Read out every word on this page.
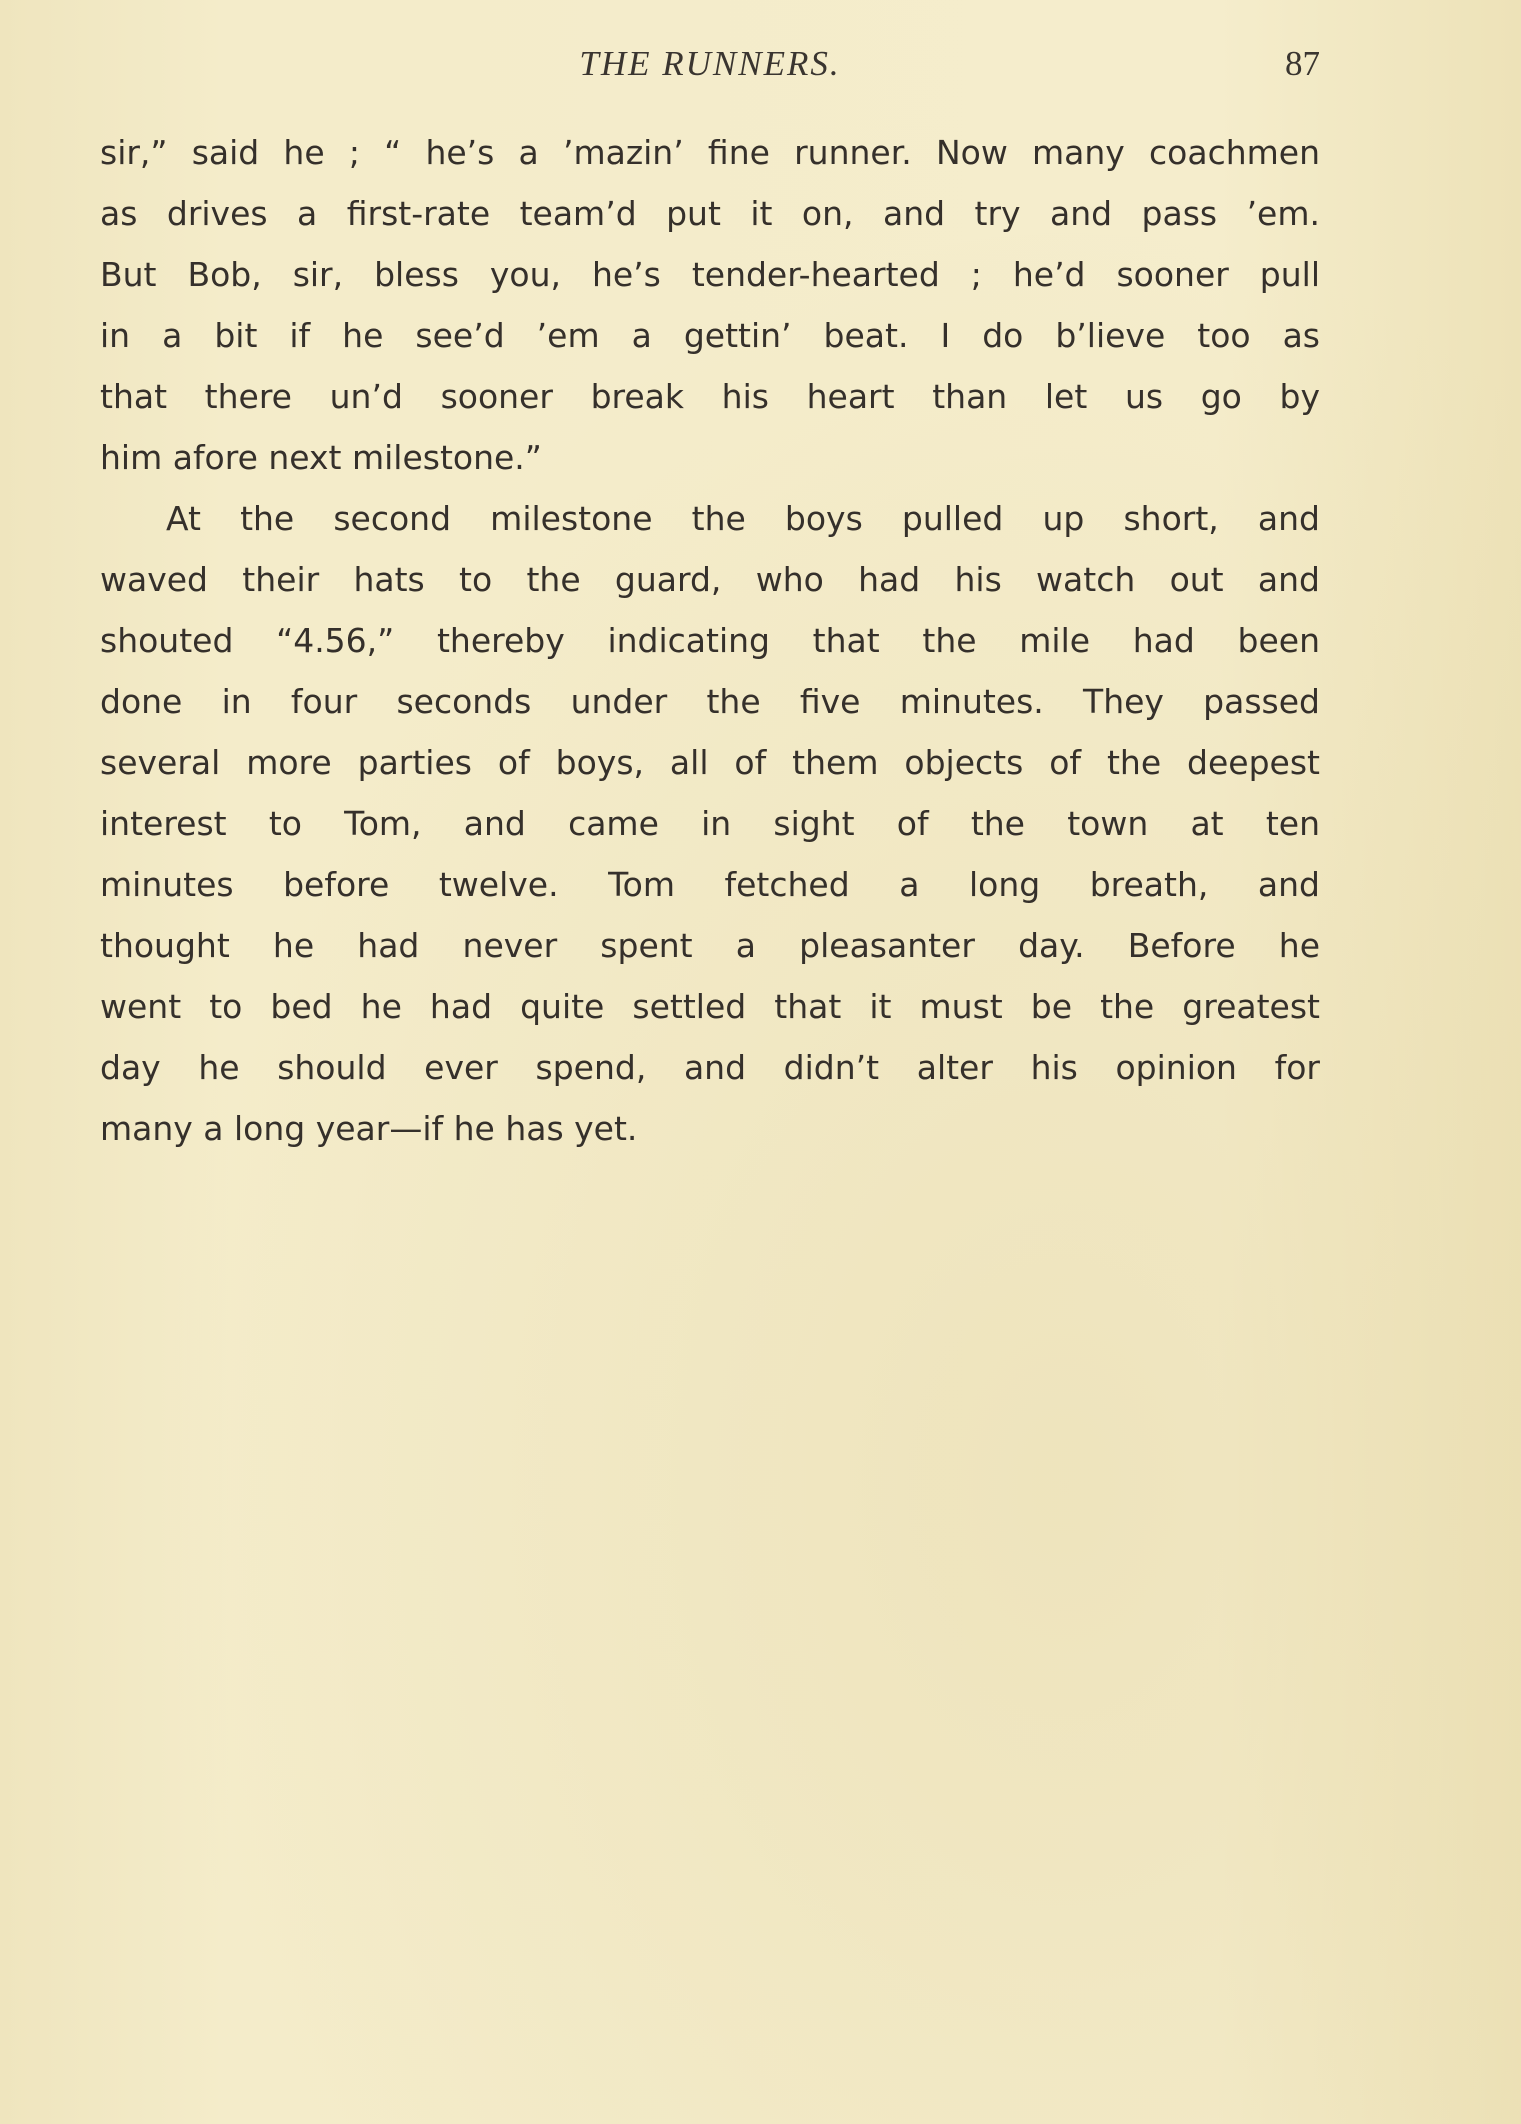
THE RUNNERS.	87
sir,” said he ; “ he’s a ’mazin’ fine runner. Now many coachmen
as drives a first-rate team’d put it on, and try and pass ’em.
But Bob, sir, bless you, he’s tender-hearted ; he’d sooner pull
in a bit if he see’d ’em a gettin’ beat. I do b’lieve too as
that there un’d sooner break his heart than let us go by
him afore next milestone.”
At the second milestone the boys pulled up short, and
waved their hats to the guard, who had his watch out and
shouted “4.56,” thereby indicating that the mile had been
done in four seconds under the five minutes. They passed
several more parties of boys, all of them objects of the deepest
interest to Tom, and came in sight of the town at ten
minutes before twelve. Tom fetched a long breath, and
thought he had never spent a pleasanter day. Before he
went to bed he had quite settled that it must be the greatest
day he should ever spend, and didn’t alter his opinion for
many a long year—if he has yet.
